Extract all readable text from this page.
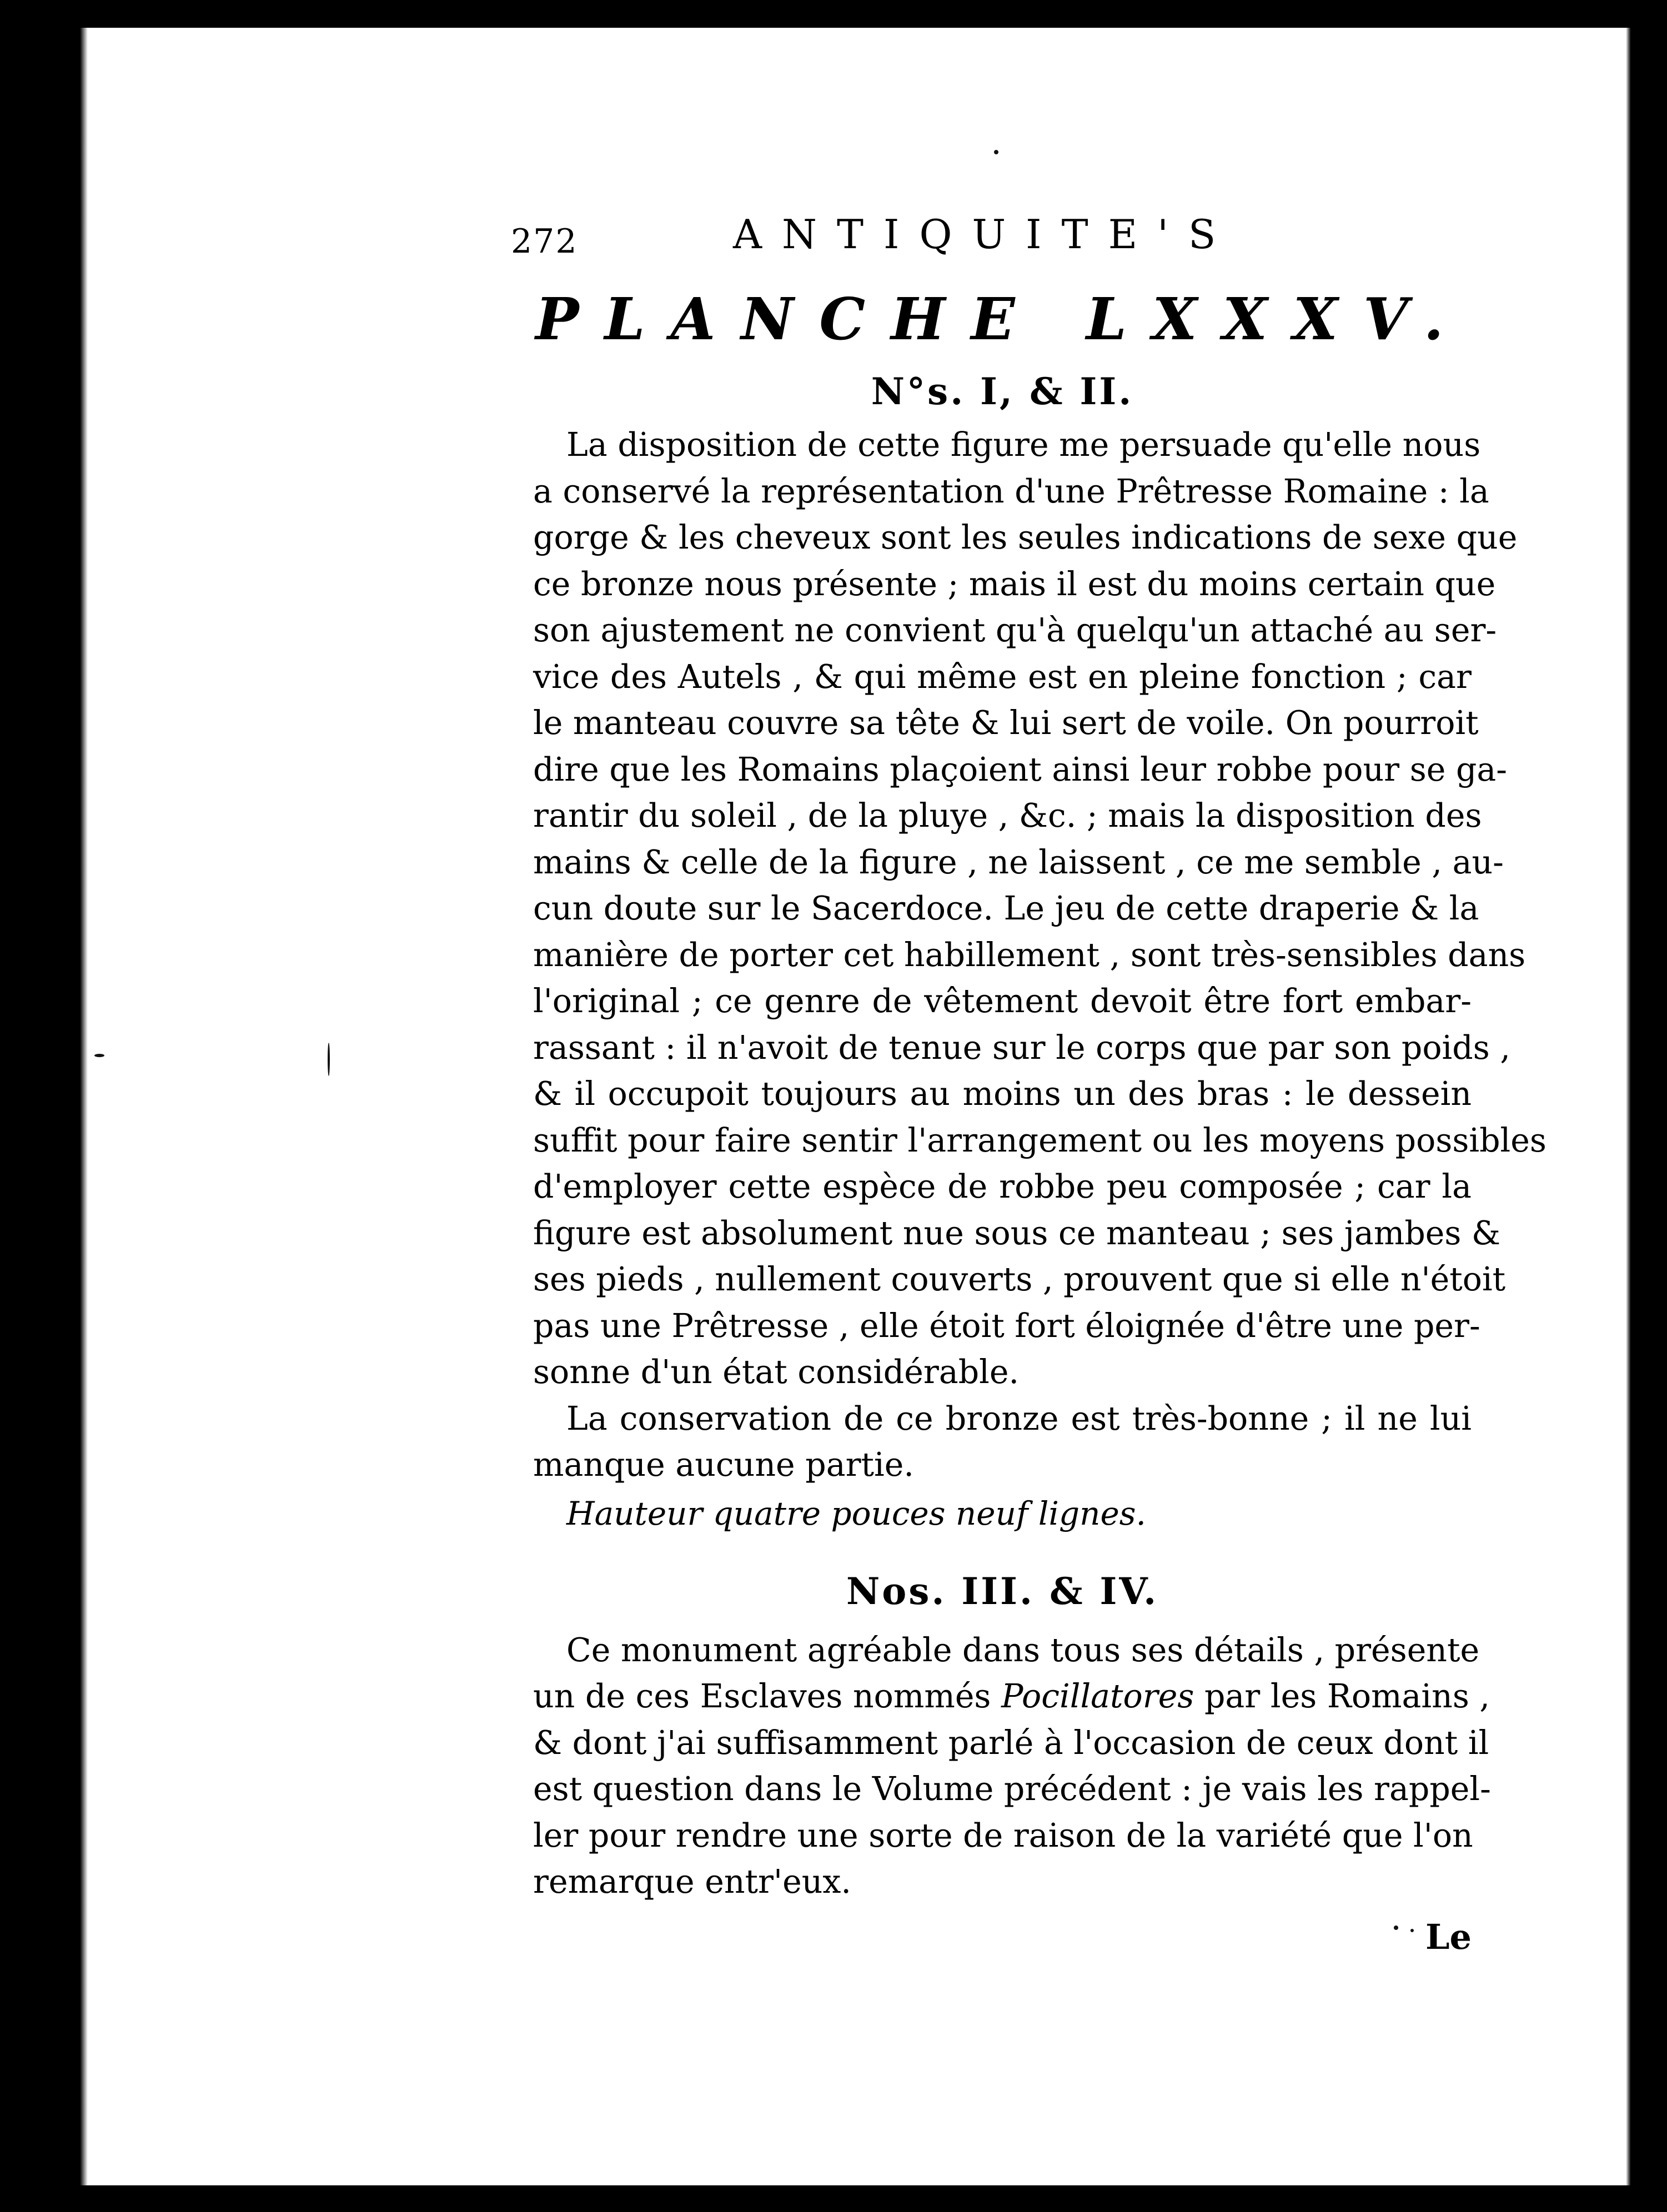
272	ANTIQUITE'S
PLANCHE LXXXV.
N°s. I, & II.

La disposition de cette figure me persuade qu'elle nous
a conservé la représentation d'une Prêtresse Romaine : la
gorge & les cheveux sont les seules indications de sexe que
ce bronze nous présente ; mais il est du moins certain que
son ajustement ne convient qu'à quelqu'un attaché au ser-
vice des Autels , & qui même est en pleine fonction ; car
le manteau couvre sa tête & lui sert de voile. On pourroit
dire que les Romains plaçoient ainsi leur robbe pour se ga-
rantir du soleil , de la pluye , &c. ; mais la disposition des
mains & celle de la figure , ne laissent , ce me semble , au-
cun doute sur le Sacerdoce. Le jeu de cette draperie & la
manière de porter cet habillement , sont très-sensibles dans
l'original ; ce genre de vêtement devoit être fort embar-
rassant : il n'avoit de tenue sur le corps que par son poids ,
& il occupoit toujours au moins un des bras : le dessein
suffit pour faire sentir l'arrangement ou les moyens possibles
d'employer cette espèce de robbe peu composée ; car la
figure est absolument nue sous ce manteau ; ses jambes &
ses pieds , nullement couverts , prouvent que si elle n'étoit
pas une Prêtresse , elle étoit fort éloignée d'être une per-
sonne d'un état considérable.

La conservation de ce bronze est très-bonne ; il ne lui
manque aucune partie.

Hauteur quatre pouces neuf lignes.

Nos. III. & IV.

Ce monument agréable dans tous ses détails , présente
un de ces Esclaves nommés Pocillatores par les Romains ,
& dont j'ai suffisamment parlé à l'occasion de ceux dont il
est question dans le Volume précédent : je vais les rappel-
ler pour rendre une sorte de raison de la variété que l'on
remarque entr'eux.

Le
